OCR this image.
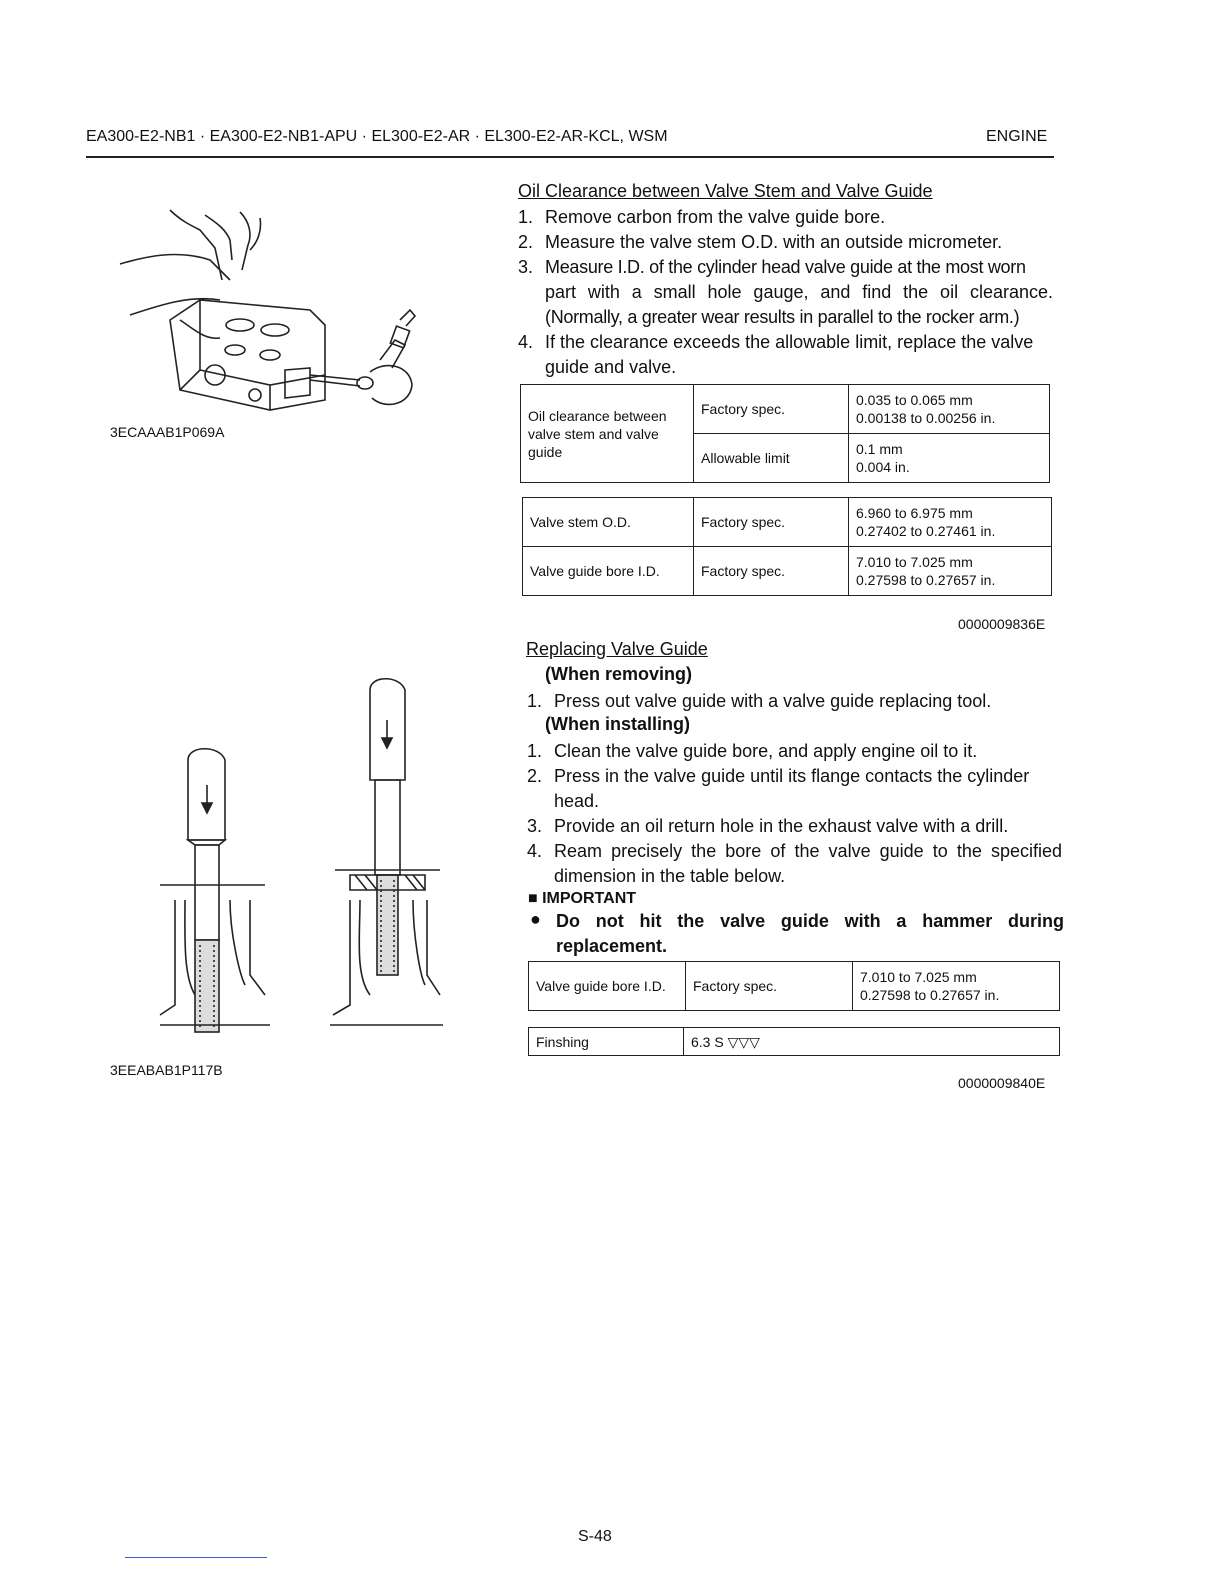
EA300-E2-NB1 · EA300-E2-NB1-APU · EL300-E2-AR · EL300-E2-AR-KCL, WSM	ENGINE
3ECAAAB1P069A
3EEABAB1P117B
Oil Clearance between Valve Stem and Valve Guide
1. Remove carbon from the valve guide bore.
2. Measure the valve stem O.D. with an outside micrometer.
3. Measure I.D. of the cylinder head valve guide at the most worn
part with a small hole gauge, and find the oil clearance.
(Normally, a greater wear results in parallel to the rocker arm.)
4. If the clearance exceeds the allowable limit, replace the valve
guide and valve.
Oil clearance between valve stem and valve guide	Factory spec.	0.035 to 0.065 mm
0.00138 to 0.00256 in.

	Allowable limit	0.1 mm
0.004 in.
Valve stem O.D.	Factory spec.	6.960 to 6.975 mm
0.27402 to 0.27461 in.

Valve guide bore I.D.	Factory spec.	7.010 to 7.025 mm
0.27598 to 0.27657 in.
0000009836E
Replacing Valve Guide
(When removing)
1. Press out valve guide with a valve guide replacing tool.
(When installing)
1. Clean the valve guide bore, and apply engine oil to it.
2. Press in the valve guide until its flange contacts the cylinder
head.
3. Provide an oil return hole in the exhaust valve with a drill.
4. Ream precisely the bore of the valve guide to the specified
dimension in the table below.
■ IMPORTANT
● Do not hit the valve guide with a hammer during
replacement.
Valve guide bore I.D.	Factory spec.	
7.010 to 7.025 mm
0.27598 to 0.27657 in.
Finshing	6.3 S ▽▽▽
0000009840E
S-48
